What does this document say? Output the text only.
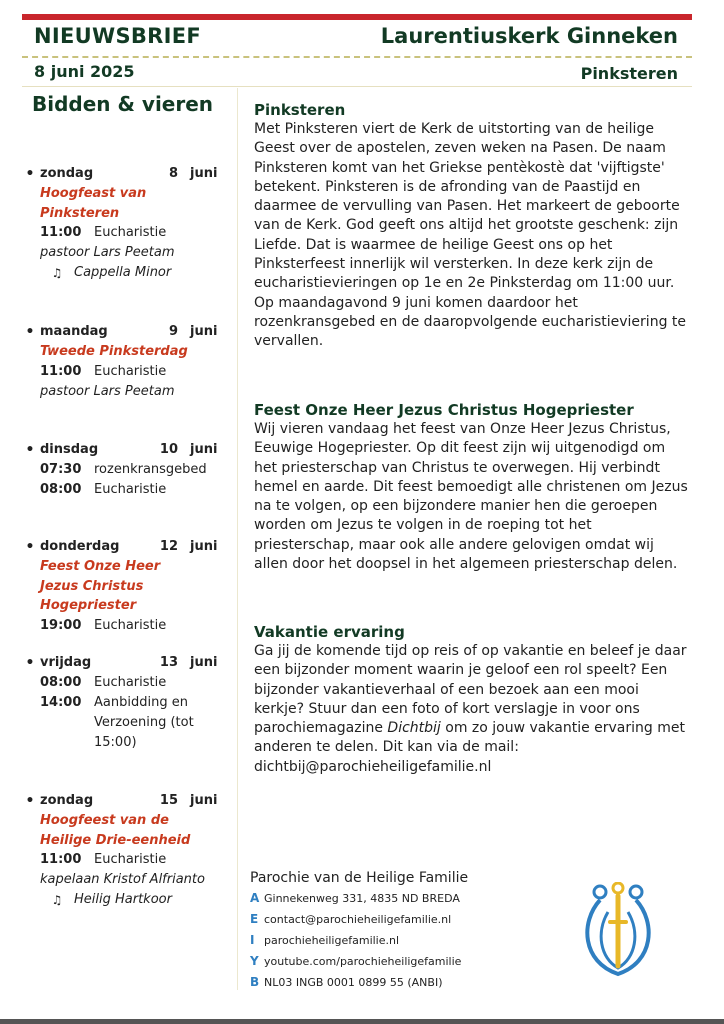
NIEUWSBRIEF	Laurentiuskerk Ginneken
8 juni 2025	Pinksteren
Bidden & vieren
• zondag	8 juni
Hoogfeast van
Pinksteren
11:00 Eucharistie
pastoor Lars Peetam
♫ Cappella Minor
• maandag	9 juni
Tweede Pinksterdag
11:00 Eucharistie
pastoor Lars Peetam
• dinsdag	10 juni
07:30 rozenkransgebed
08:00 Eucharistie
• donderdag	12 juni
Feest Onze Heer
Jezus Christus
Hogepriester
19:00 Eucharistie
• vrijdag	13 juni
08:00 Eucharistie
14:00 Aanbidding en Verzoening (tot 15:00)
• zondag	15 juni
Hoogfeest van de
Heilige Drie-eenheid
11:00 Eucharistie
kapelaan Kristof Alfrianto
♫ Heilig Hartkoor
Pinksteren
Met Pinksteren viert de Kerk de uitstorting van de heilige Geest over de apostelen, zeven weken na Pasen. De naam Pinksteren komt van het Griekse pentèkostè dat 'vijftigste' betekent. Pinksteren is de afronding van de Paastijd en daarmee de vervulling van Pasen. Het markeert de geboorte van de Kerk. God geeft ons altijd het grootste geschenk: zijn Liefde. Dat is waarmee de heilige Geest ons op het Pinksterfeest innerlijk wil versterken. In deze kerk zijn de eucharistievieringen op 1e en 2e Pinksterdag om 11:00 uur. Op maandagavond 9 juni komen daardoor het rozenkransgebed en de daaropvolgende eucharistieviering te vervallen.
Feest Onze Heer Jezus Christus Hogepriester
Wij vieren vandaag het feest van Onze Heer Jezus Christus, Eeuwige Hogepriester. Op dit feest zijn wij uitgenodigd om het priesterschap van Christus te overwegen. Hij verbindt hemel en aarde. Dit feest bemoedigt alle christenen om Jezus na te volgen, op een bijzondere manier hen die geroepen worden om Jezus te volgen in de roeping tot het priesterschap, maar ook alle andere gelovigen omdat wij allen door het doopsel in het algemeen priesterschap delen.
Vakantie ervaring
Ga jij de komende tijd op reis of op vakantie en beleef je daar een bijzonder moment waarin je geloof een rol speelt? Een bijzonder vakantieverhaal of een bezoek aan een mooi kerkje? Stuur dan een foto of kort verslagje in voor ons parochiemagazine Dichtbij om zo jouw vakantie ervaring met anderen te delen. Dit kan via de mail:
dichtbij@parochieheiligefamilie.nl
Parochie van de Heilige Familie
A Ginnekenweg 331, 4835 ND BREDA
E contact@parochieheiligefamilie.nl
I parochieheiligefamilie.nl
Y youtube.com/parochieheiligefamilie
B NL03 INGB 0001 0899 55 (ANBI)
